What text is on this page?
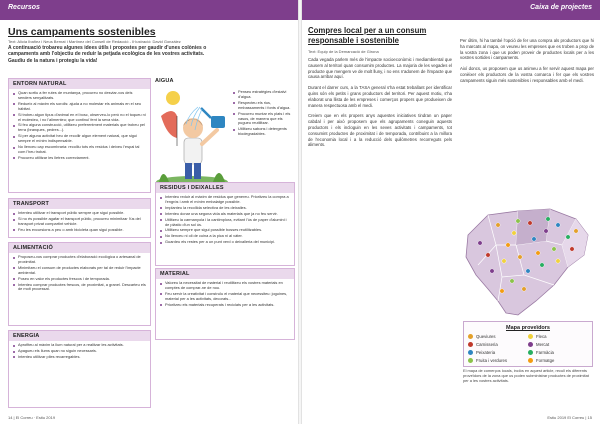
Recursos
Uns campaments sostenibles
Text: Alícia Ibañez i Neus Bernat i Martínez del Consell de Redacció - Il·lustració: David Gonzàlez
A continuació trobareu algunes idees útils i propostes per gaudir d'unes colònies o campaments amb l'objectiu de reduir la petjada ecològica de les vostres activitats. Gaudiu de la natura i protegiu la vida!
ENTORN NATURAL
Quan sortiu a fer rutes de muntanya, procureu no desviar-vos dels senders senyalitzats.
Redueix al màxim els sorolls: ajuda a no molestar els animals en el seu hàbitat.
Si trobeu algun tipus d'animal en el bosc, observeu-lo però no el toqueu ni el molesteu, i no l'alimenteu; que continuï fent la seva vida.
Si feu alguna construcció, utilitzeu preferentment materials que trobeu pel terra (branques, pedres...).
Si per alguna activitat heu de recollir algun element natural, que sigui sempre el mínim indispensable.
No llenceu cap escombraria: recolliu tots els residus i deixeu l'espai tal com l'heu trobat.
Procureu utilitzar les lletres correctament.
AIGUA
Penseu estratègies d'estalvi d'aigua.
Respecteu els rius, embassaments i fonts d'aigua.
Procureu muntar els plats i els vasos, de manera que els pugueu reutilitzar.
Utilitzeu sabons i detergents biodegradables.
TRANSPORT
Intenteu utilitzar el transport públic sempre que sigui possible.
Si no és possible agafar el transport públic, procureu minimitzar l'ús del transport privat compartint vehicle.
Feu les excursions a peu o amb bicicleta quan sigui possible.
ALIMENTACIÓ
Proposeu-vos comprar productes d'elaboració ecològica o artesanal de proximitat.
Minimitzeu el consum de productes elaborats per tal de reduir l'impacte ambiental.
Poseu en valor els productes frescos i de temporada.
Intenteu comprar productes frescos, de proximitat, a granel. Descarteu els de molt processat.
ENERGIA
Aprofiteu al màxim la llum natural per a realitzar les activitats.
Apagueu els llums quan no siguin necessaris.
Intenteu utilitzar piles recarregables.
RESIDUS I DEIXALLES
Intenteu reduir al màxim de residus que genereu. Prioritzeu la compra a l'engròs i amb el mínim embalatge possible.
Implanteu la recollida selectiva de les deixalles.
Intenteu donar una segona vida als materials que ja no feu servir.
Utilitzeu la carmanyola i la cantimplora, evitant l'ús de paper d'alumini i de plàstic d'un sol ús.
Utilitzeu sempre que sigui possible bosses reutilitzables.
No llenceu ni oli de cuina a la pica ni al vàter.
Guardeu els restes per a un punt verd o deixalleria del municipi.
MATERIAL
Valoreu la necessitat de material i reutilitzeu els vostres materials en comptes de comprar-ne de nou.
Feu servir la creativitat i construïu el material que necessiteu: joguines, material per a les activitats, decorats...
Prioritzeu els materials recuperats i reciclats per a les activitats.
14 | El Correu · Estiu 2019
Caixa de projectes
Compres local per a un consum responsable i sostenible
Text: Equip de la Demarcació de Girona

Cada vegada parlem més de l'impacte socioeconòmic i mediambiental que causem al territori quan consumim productes. La majoria de les vegades el producte que mengem ve de molt lluny, i no ens n'adonem de l'impacte que causa arribar aquí.

Durant el darrer curs, a la TASA general s'ha estat treballant per identificar quins són els petits i grans productors del territori. Per aquest motiu, s'ha elaborat una llista de les empreses i comerços propers que produeixen de manera respectuosa amb el medi.

Creiem que en els propers anys aquestes iniciatives tindran un paper cabdal i per això proposem que els agrupaments coneguin aquests productors i els incloguin en les seves activitats i campaments, tot consumint productes de proximitat i de temporada, contribuint a la millora de l'economia local i a la reducció dels quilòmetres recorreguts pels aliments.

Per últim, hi ha també l'opció de fer una compra als productors que hi ha marcats al mapa, on veureu les empreses que es troben a prop de la vostra zona i que us poden proveir de productes locals per a les vostres sortides i campaments.

Així doncs, us proposem que us animeu a fer servir aquest mapa per conèixer els productors de la vostra comarca i fer que els vostres campaments siguin més sostenibles i responsables amb el medi.

Mapa proveïdors
Queviures	Fleca
Carnisseria	Mercat
Peixateria	Farmàcia
Fruita i verdures	Formatge
El mapa de comerços locals, inclòs en aquest article, recull els diferents proveïdors de la zona que us poden subministrar productes de proximitat per a les vostres activitats.
Estiu 2019 El Correu | 15
